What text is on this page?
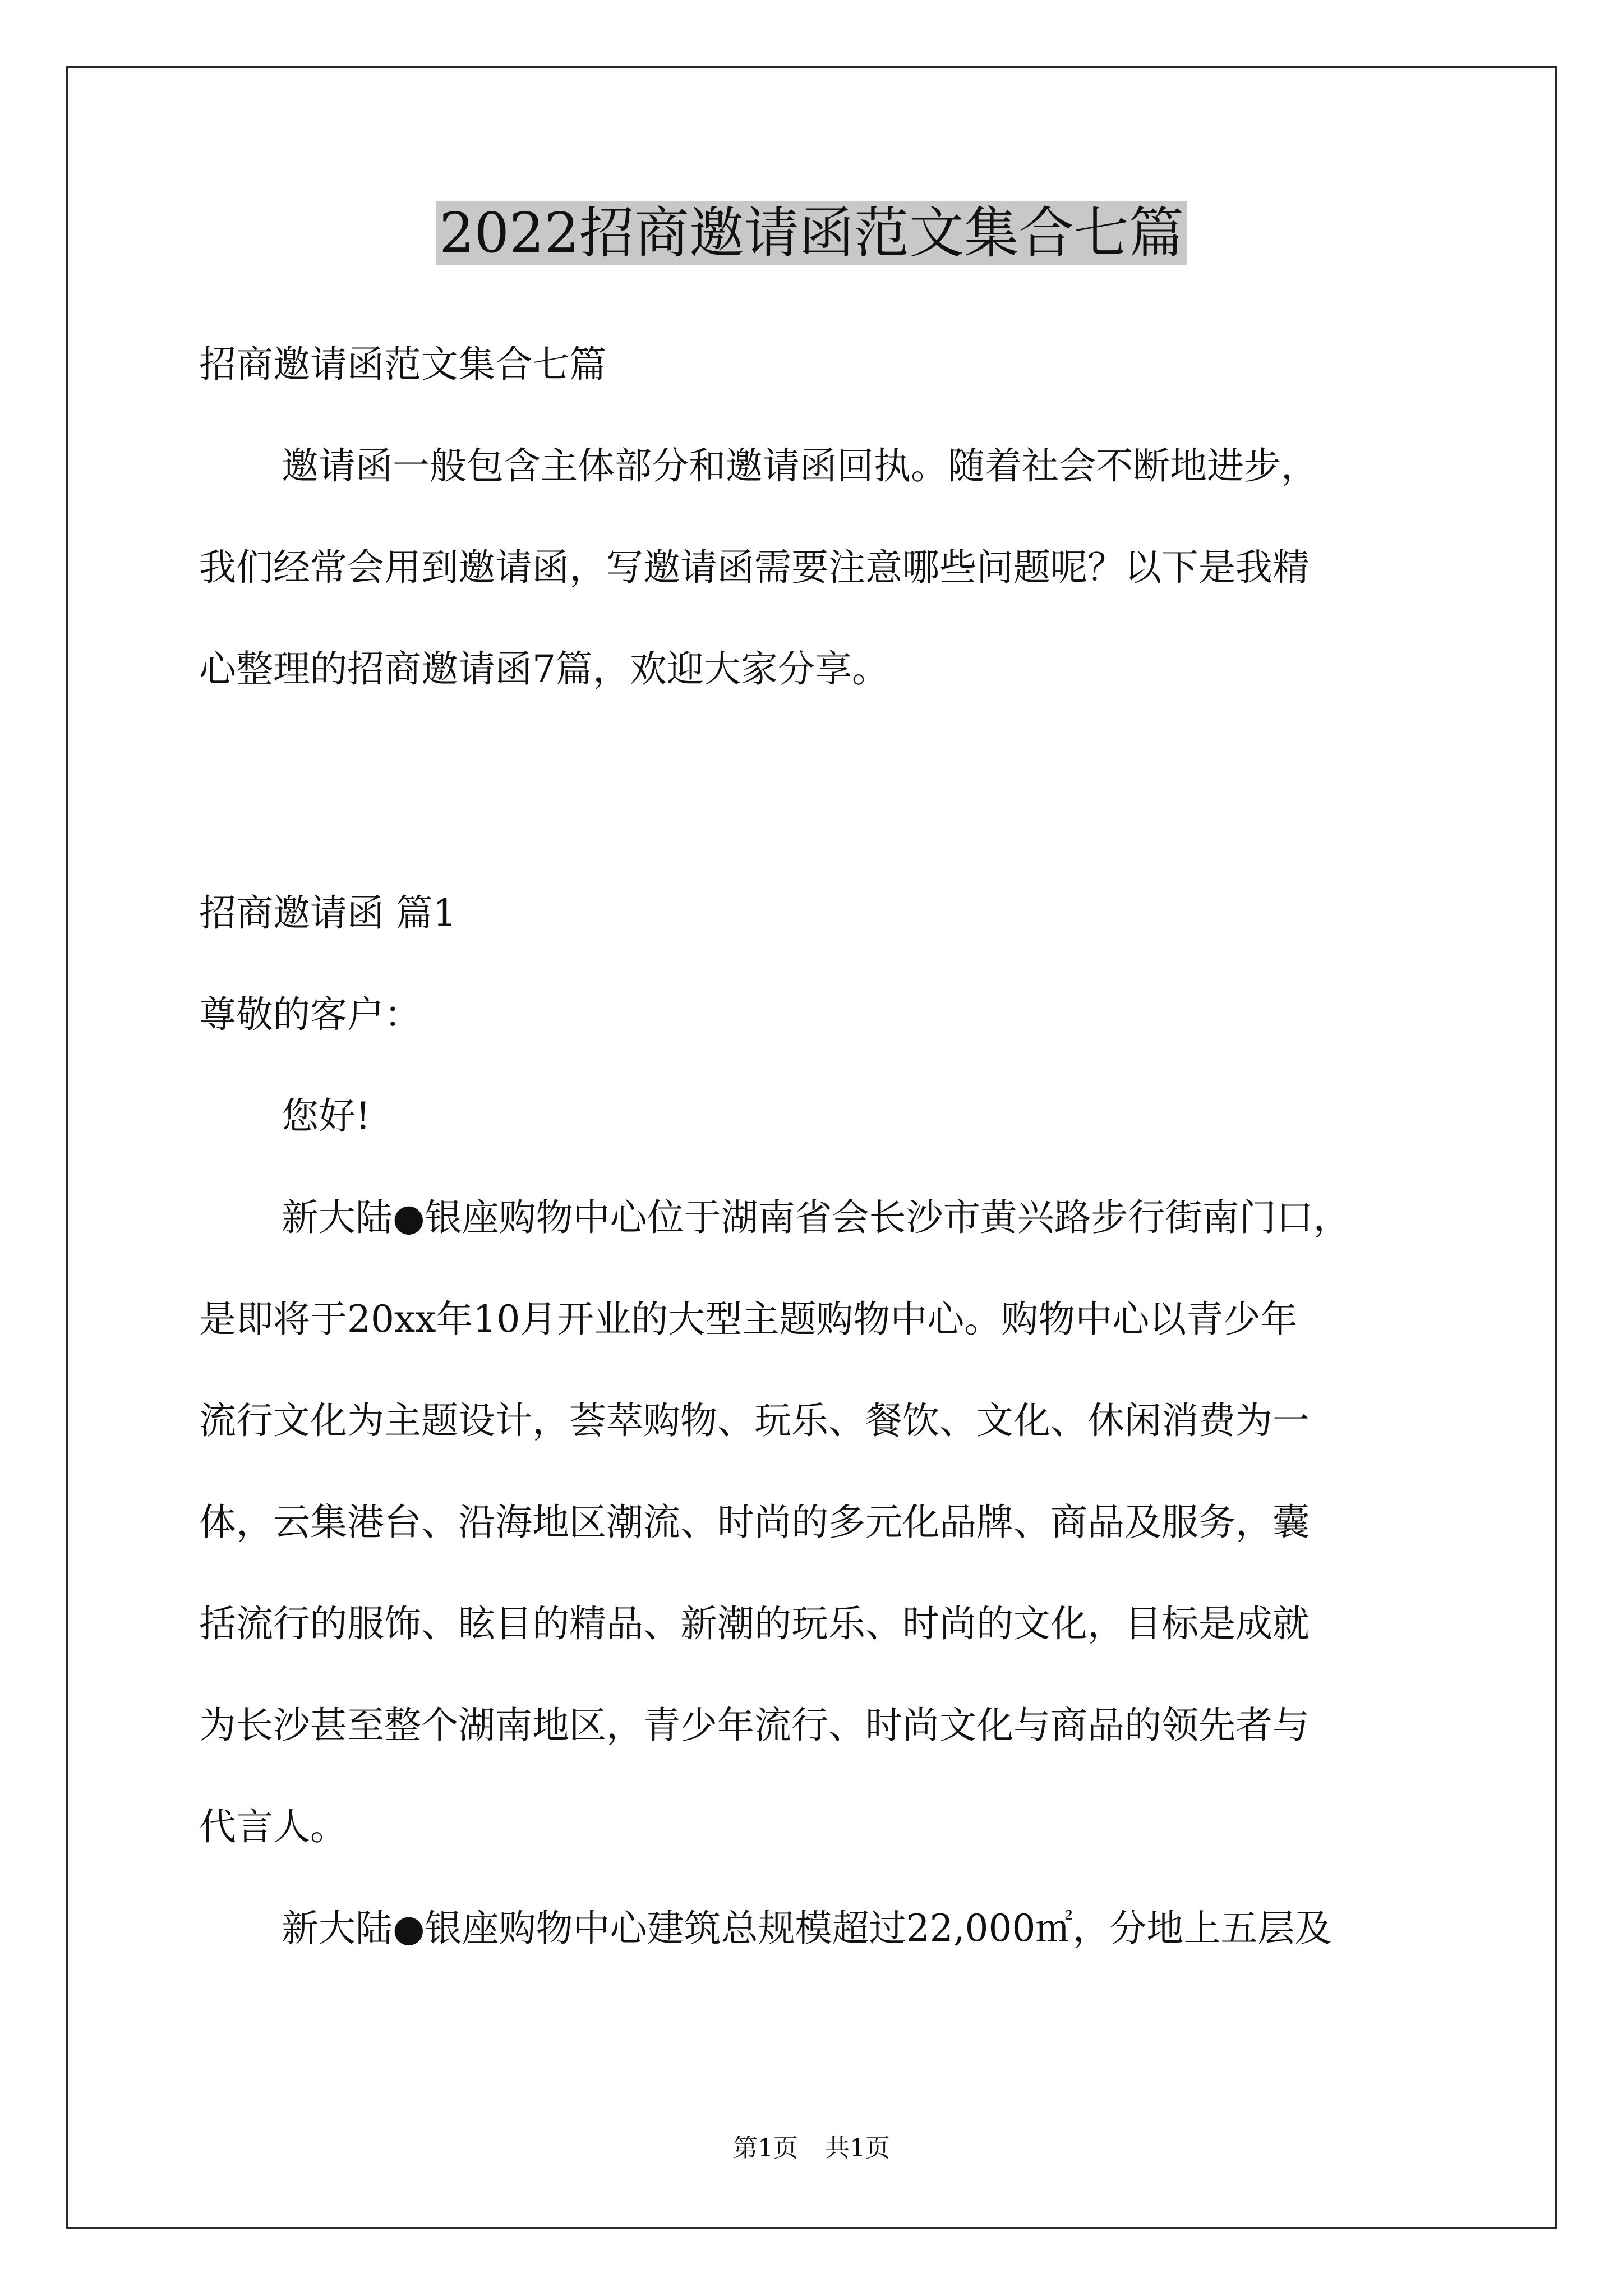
2022招商邀请函范文集合七篇
招商邀请函范文集合七篇
邀请函一般包含主体部分和邀请函回执。随着社会不断地进步，
我们经常会用到邀请函，写邀请函需要注意哪些问题呢？以下是我精
心整理的招商邀请函7篇，欢迎大家分享。
招商邀请函 篇1
尊敬的客户：
您好!
新大陆●银座购物中心位于湖南省会长沙市黄兴路步行街南门口，
是即将于20xx年10月开业的大型主题购物中心。购物中心以青少年
流行文化为主题设计，荟萃购物、玩乐、餐饮、文化、休闲消费为一
体，云集港台、沿海地区潮流、时尚的多元化品牌、商品及服务，囊
括流行的服饰、眩目的精品、新潮的玩乐、时尚的文化，目标是成就
为长沙甚至整个湖南地区，青少年流行、时尚文化与商品的领先者与
代言人。
新大陆●银座购物中心建筑总规模超过22,000㎡，分地上五层及
第1页 共1页
